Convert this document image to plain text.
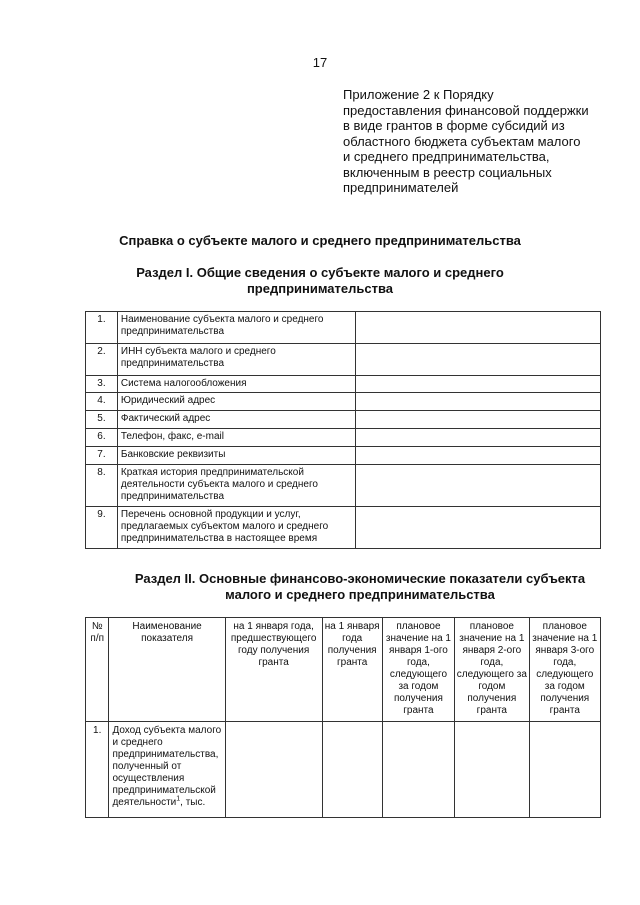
17
Приложение 2 к Порядку
предоставления финансовой поддержки
в виде грантов в форме субсидий из
областного бюджета субъектам малого
и среднего предпринимательства,
включенным в реестр социальных
предпринимателей
Справка о субъекте малого и среднего предпринимательства
Раздел I. Общие сведения о субъекте малого и среднего
предпринимательства
1.	Наименование субъекта малого и среднего предпринимательства	
2.	ИНН субъекта малого и среднего предпринимательства	
3.	Система налогообложения	
4.	Юридический адрес	
5.	Фактический адрес	
6.	Телефон, факс, e-mail	
7.	Банковские реквизиты	
8.	Краткая история предпринимательской деятельности субъекта малого и среднего предпринимательства	
9.	Перечень основной продукции и услуг, предлагаемых субъектом малого и среднего предпринимательства в настоящее время	
Раздел II. Основные финансово-экономические показатели субъекта
малого и среднего предпринимательства
№ п/п	Наименование показателя	на 1 января года, предшествующего году получения гранта	на 1 января года получения гранта	плановое значение на 1 января 1-ого года, следующего за годом получения гранта	плановое значение на 1 января 2-ого года, следующего за годом получения гранта	плановое значение на 1 января 3-ого года, следующего за годом получения гранта
1.	Доход субъекта малого и среднего предпринимательства, полученный от осуществления предпринимательской деятельности$^1$, тыс.					
